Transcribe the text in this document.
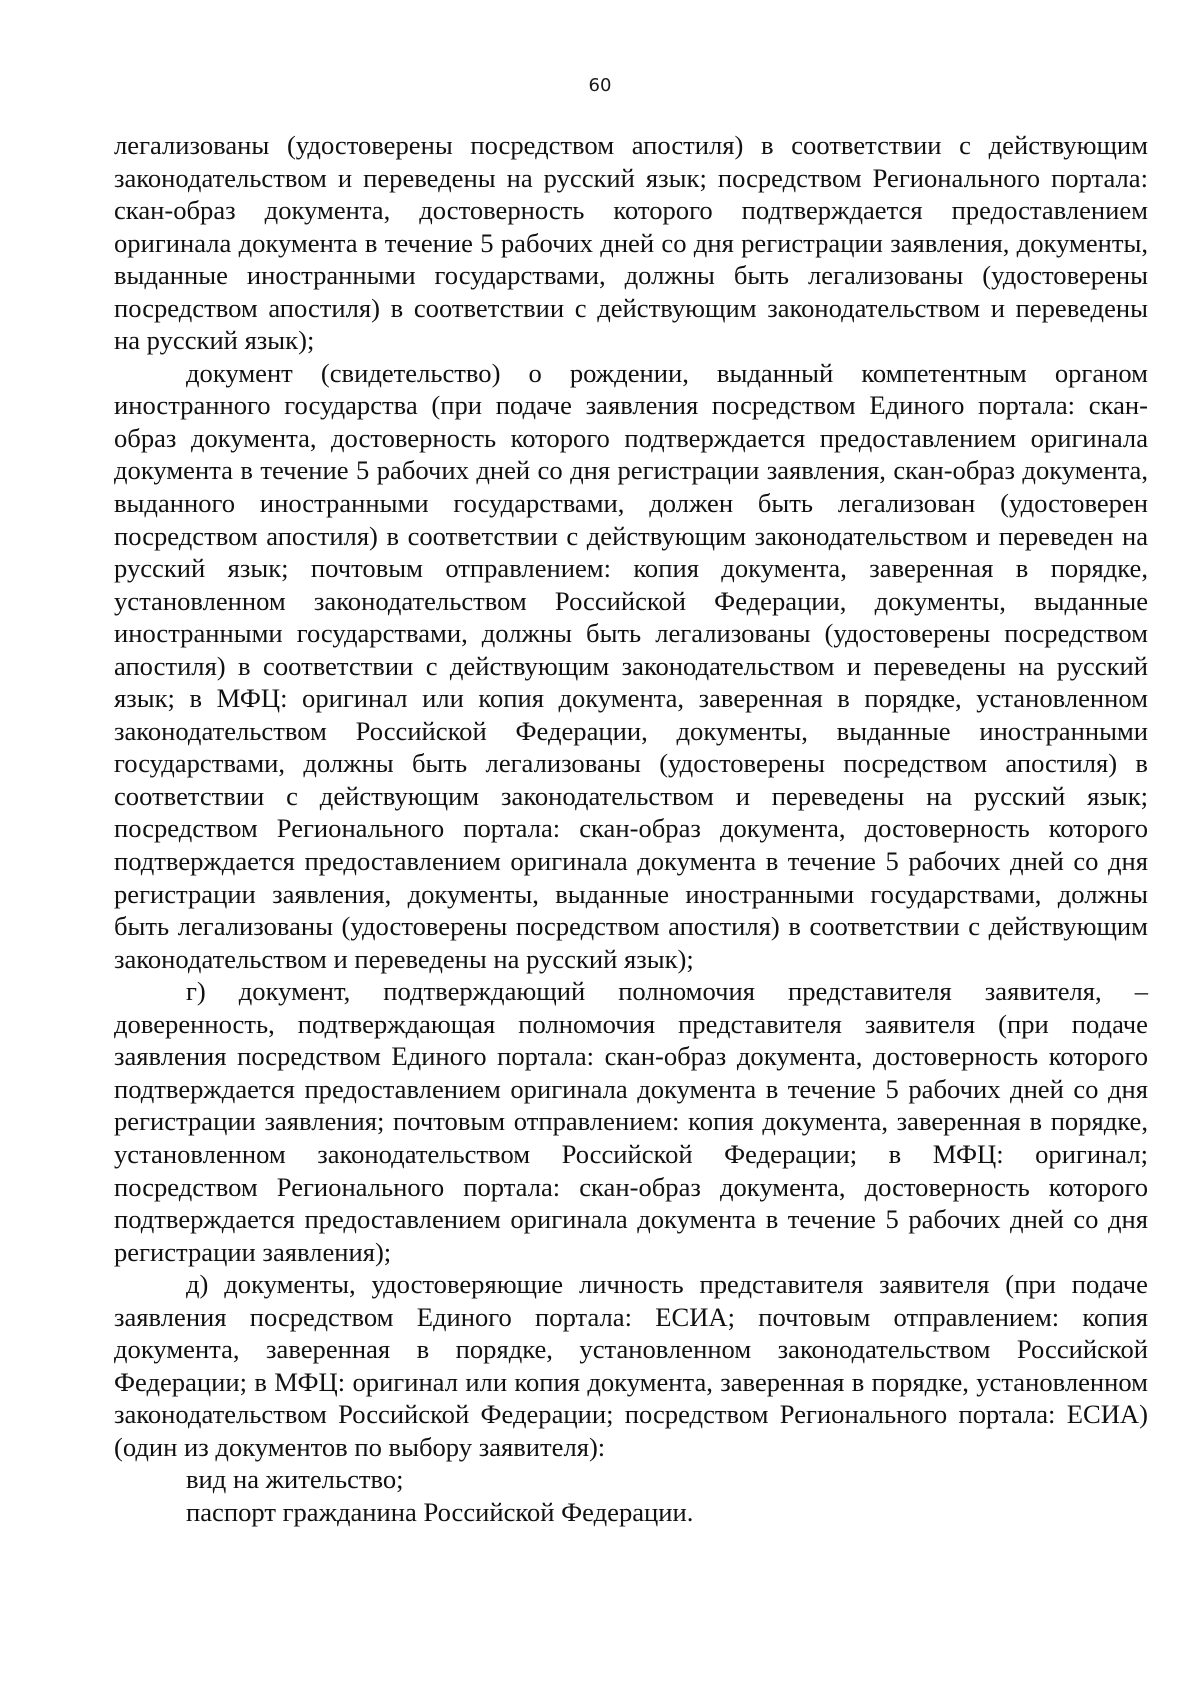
60

легализованы (удостоверены посредством апостиля) в соответствии с действующим законодательством и переведены на русский язык; посредством Регионального портала: скан-образ документа, достоверность которого подтверждается предоставлением оригинала документа в течение 5 рабочих дней со дня регистрации заявления, документы, выданные иностранными государствами, должны быть легализованы (удостоверены посредством апостиля) в соответствии с действующим законодательством и переведены на русский язык);

документ (свидетельство) о рождении, выданный компетентным органом иностранного государства (при подаче заявления посредством Единого портала: скан-образ документа, достоверность которого подтверждается предоставлением оригинала документа в течение 5 рабочих дней со дня регистрации заявления, скан-образ документа, выданного иностранными государствами, должен быть легализован (удостоверен посредством апостиля) в соответствии с действующим законодательством и переведен на русский язык; почтовым отправлением: копия документа, заверенная в порядке, установленном законодательством Российской Федерации, документы, выданные иностранными государствами, должны быть легализованы (удостоверены посредством апостиля) в соответствии с действующим законодательством и переведены на русский язык; в МФЦ: оригинал или копия документа, заверенная в порядке, установленном законодательством Российской Федерации, документы, выданные иностранными государствами, должны быть легализованы (удостоверены посредством апостиля) в соответствии с действующим законодательством и переведены на русский язык; посредством Регионального портала: скан-образ документа, достоверность которого подтверждается предоставлением оригинала документа в течение 5 рабочих дней со дня регистрации заявления, документы, выданные иностранными государствами, должны быть легализованы (удостоверены посредством апостиля) в соответствии с действующим законодательством и переведены на русский язык);

г) документ, подтверждающий полномочия представителя заявителя, – доверенность, подтверждающая полномочия представителя заявителя (при подаче заявления посредством Единого портала: скан-образ документа, достоверность которого подтверждается предоставлением оригинала документа в течение 5 рабочих дней со дня регистрации заявления; почтовым отправлением: копия документа, заверенная в порядке, установленном законодательством Российской Федерации; в МФЦ: оригинал; посредством Регионального портала: скан-образ документа, достоверность которого подтверждается предоставлением оригинала документа в течение 5 рабочих дней со дня регистрации заявления);

д) документы, удостоверяющие личность представителя заявителя (при подаче заявления посредством Единого портала: ЕСИА; почтовым отправлением: копия документа, заверенная в порядке, установленном законодательством Российской Федерации; в МФЦ: оригинал или копия документа, заверенная в порядке, установленном законодательством Российской Федерации; посредством Регионального портала: ЕСИА) (один из документов по выбору заявителя):

вид на жительство;

паспорт гражданина Российской Федерации.
